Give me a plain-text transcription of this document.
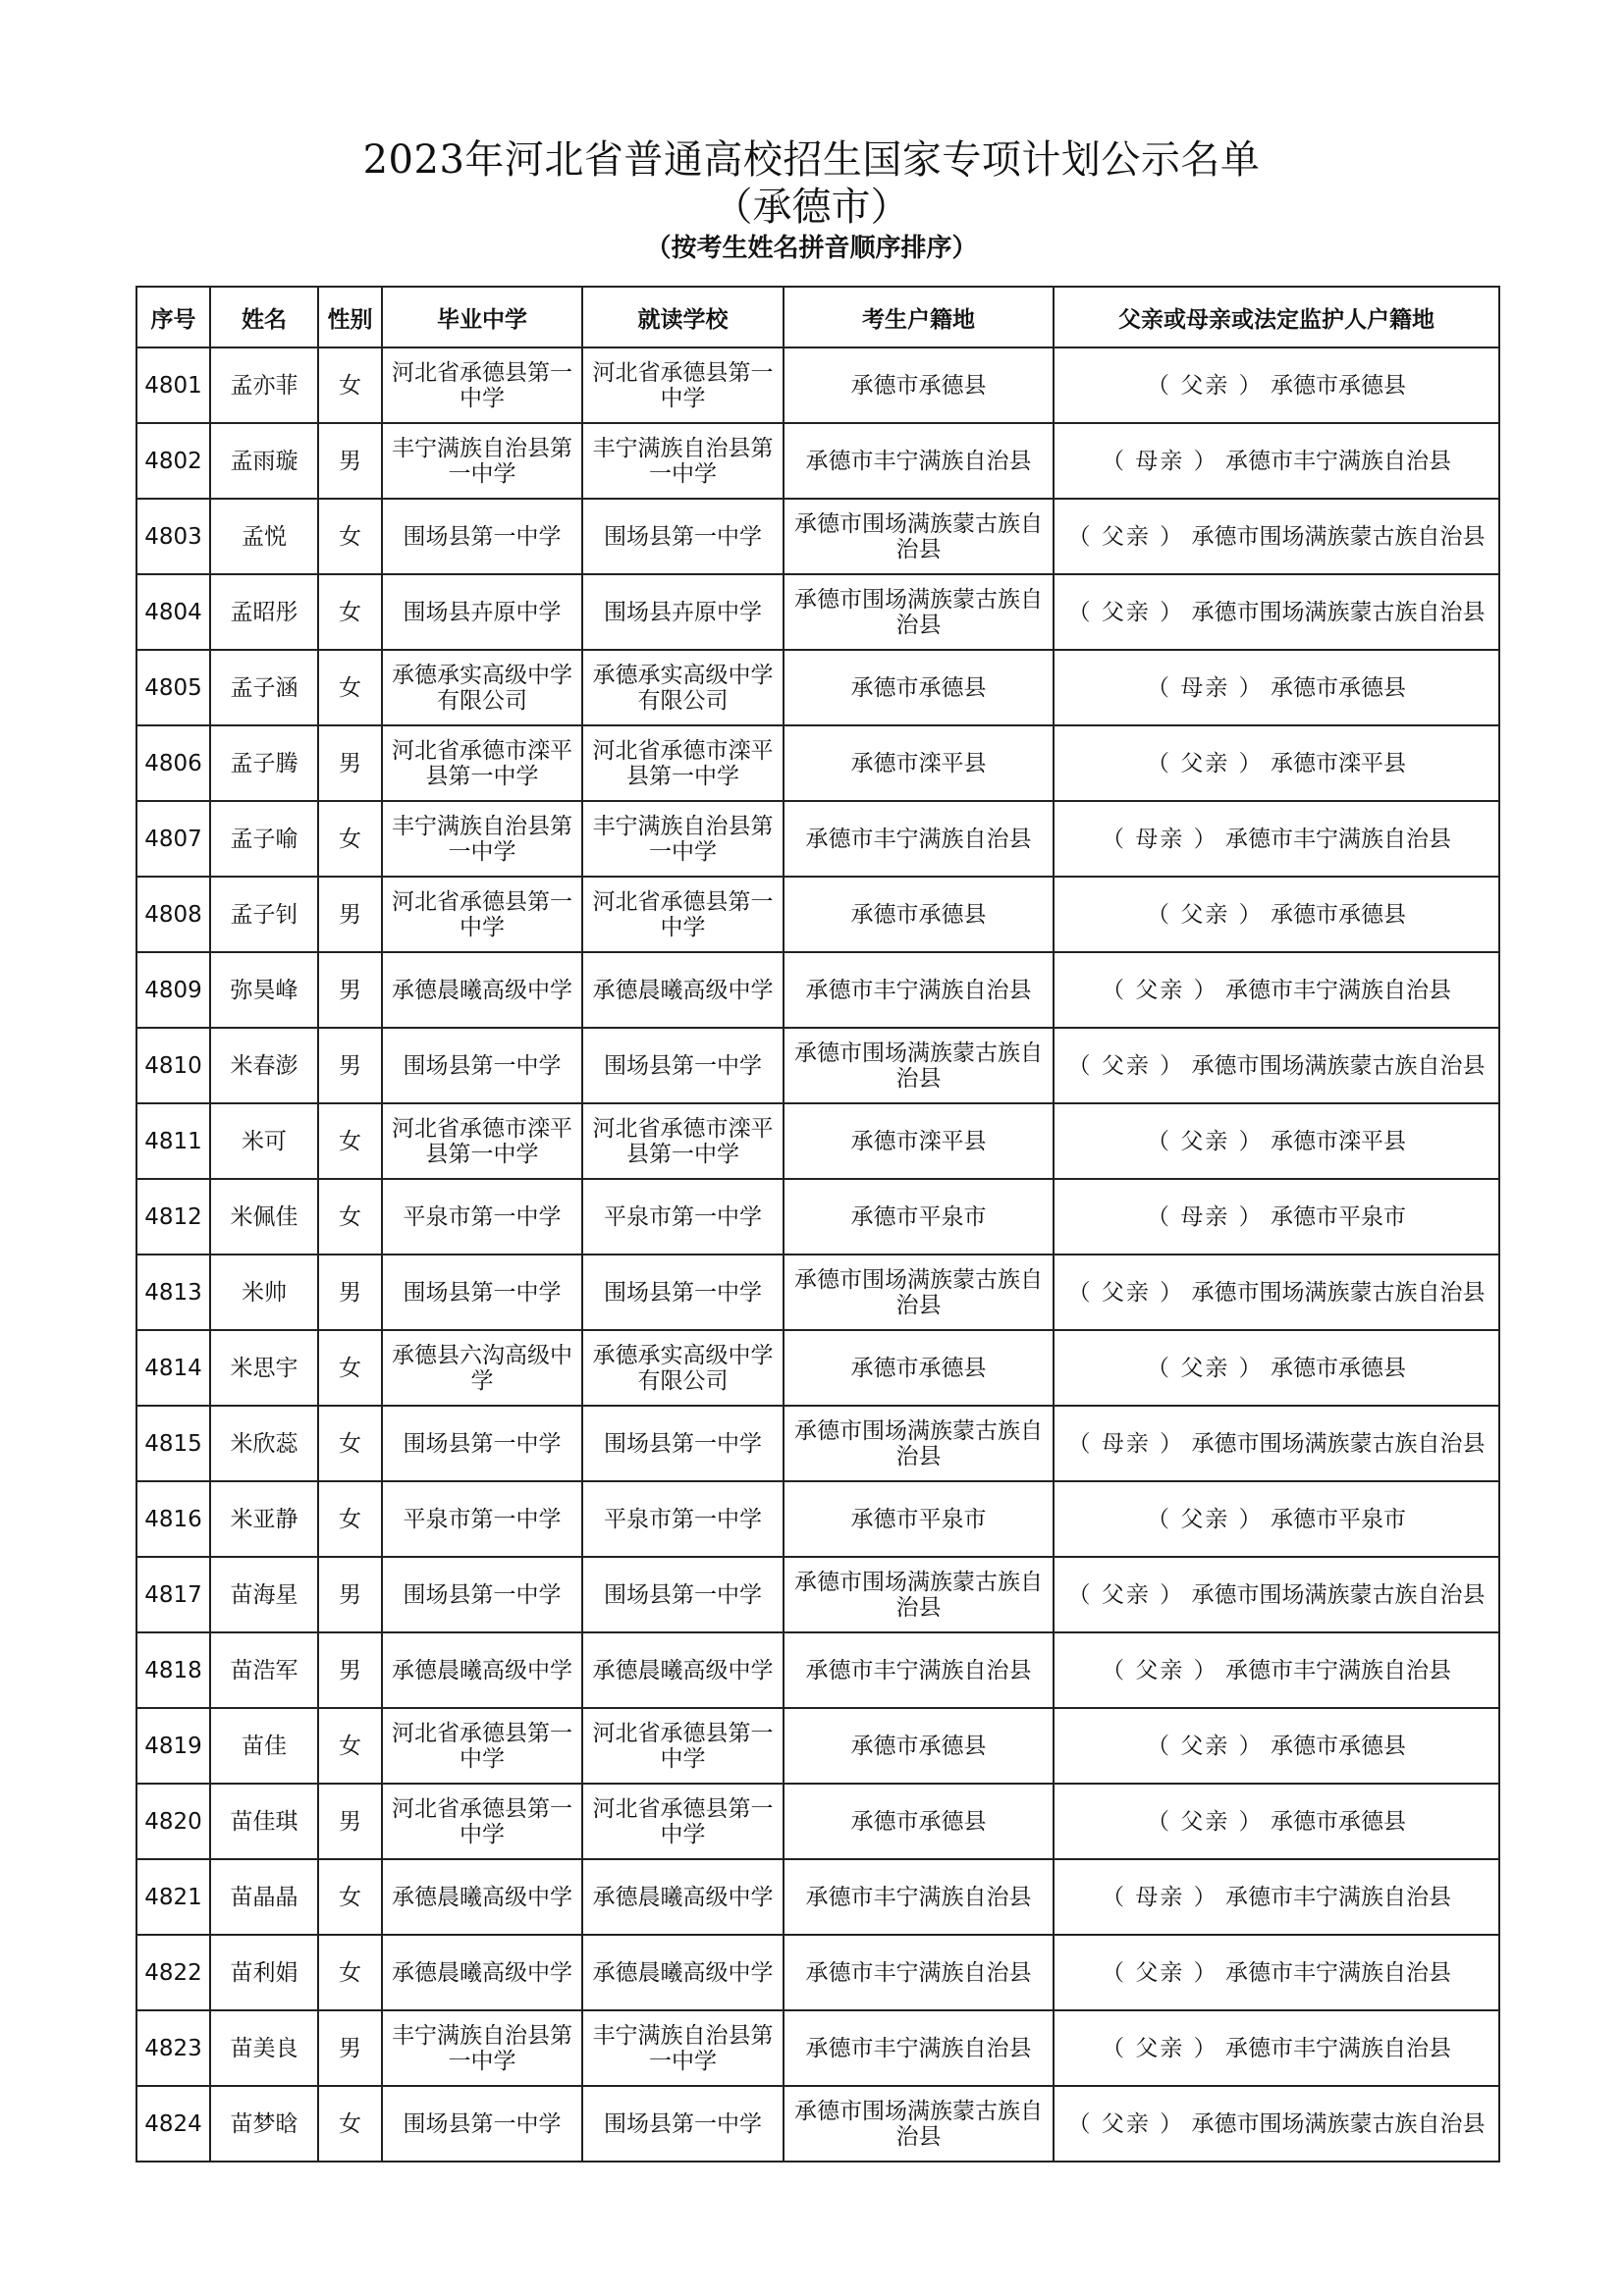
2023年河北省普通高校招生国家专项计划公示名单
（承德市）
（按考生姓名拼音顺序排序）
序号	姓名	性别	毕业中学	就读学校	考生户籍地	父亲或母亲或法定监护人户籍地
4801	孟亦菲	女	河北省承德县第一中学	河北省承德县第一中学	承德市承德县	（ 父亲 ） 承德市承德县
4802	孟雨璇	男	丰宁满族自治县第一中学	丰宁满族自治县第一中学	承德市丰宁满族自治县	（ 母亲 ） 承德市丰宁满族自治县
4803	孟悦	女	围场县第一中学	围场县第一中学	承德市围场满族蒙古族自治县	（ 父亲 ） 承德市围场满族蒙古族自治县
4804	孟昭彤	女	围场县卉原中学	围场县卉原中学	承德市围场满族蒙古族自治县	（ 父亲 ） 承德市围场满族蒙古族自治县
4805	孟子涵	女	承德承实高级中学有限公司	承德承实高级中学有限公司	承德市承德县	（ 母亲 ） 承德市承德县
4806	孟子腾	男	河北省承德市滦平县第一中学	河北省承德市滦平县第一中学	承德市滦平县	（ 父亲 ） 承德市滦平县
4807	孟子喻	女	丰宁满族自治县第一中学	丰宁满族自治县第一中学	承德市丰宁满族自治县	（ 母亲 ） 承德市丰宁满族自治县
4808	孟子钊	男	河北省承德县第一中学	河北省承德县第一中学	承德市承德县	（ 父亲 ） 承德市承德县
4809	弥昊峰	男	承德晨曦高级中学	承德晨曦高级中学	承德市丰宁满族自治县	（ 父亲 ） 承德市丰宁满族自治县
4810	米春澎	男	围场县第一中学	围场县第一中学	承德市围场满族蒙古族自治县	（ 父亲 ） 承德市围场满族蒙古族自治县
4811	米可	女	河北省承德市滦平县第一中学	河北省承德市滦平县第一中学	承德市滦平县	（ 父亲 ） 承德市滦平县
4812	米佩佳	女	平泉市第一中学	平泉市第一中学	承德市平泉市	（ 母亲 ） 承德市平泉市
4813	米帅	男	围场县第一中学	围场县第一中学	承德市围场满族蒙古族自治县	（ 父亲 ） 承德市围场满族蒙古族自治县
4814	米思宇	女	承德县六沟高级中学	承德承实高级中学有限公司	承德市承德县	（ 父亲 ） 承德市承德县
4815	米欣蕊	女	围场县第一中学	围场县第一中学	承德市围场满族蒙古族自治县	（ 母亲 ） 承德市围场满族蒙古族自治县
4816	米亚静	女	平泉市第一中学	平泉市第一中学	承德市平泉市	（ 父亲 ） 承德市平泉市
4817	苗海星	男	围场县第一中学	围场县第一中学	承德市围场满族蒙古族自治县	（ 父亲 ） 承德市围场满族蒙古族自治县
4818	苗浩军	男	承德晨曦高级中学	承德晨曦高级中学	承德市丰宁满族自治县	（ 父亲 ） 承德市丰宁满族自治县
4819	苗佳	女	河北省承德县第一中学	河北省承德县第一中学	承德市承德县	（ 父亲 ） 承德市承德县
4820	苗佳琪	男	河北省承德县第一中学	河北省承德县第一中学	承德市承德县	（ 父亲 ） 承德市承德县
4821	苗晶晶	女	承德晨曦高级中学	承德晨曦高级中学	承德市丰宁满族自治县	（ 母亲 ） 承德市丰宁满族自治县
4822	苗利娟	女	承德晨曦高级中学	承德晨曦高级中学	承德市丰宁满族自治县	（ 父亲 ） 承德市丰宁满族自治县
4823	苗美良	男	丰宁满族自治县第一中学	丰宁满族自治县第一中学	承德市丰宁满族自治县	（ 父亲 ） 承德市丰宁满族自治县
4824	苗梦晗	女	围场县第一中学	围场县第一中学	承德市围场满族蒙古族自治县	（ 父亲 ） 承德市围场满族蒙古族自治县
